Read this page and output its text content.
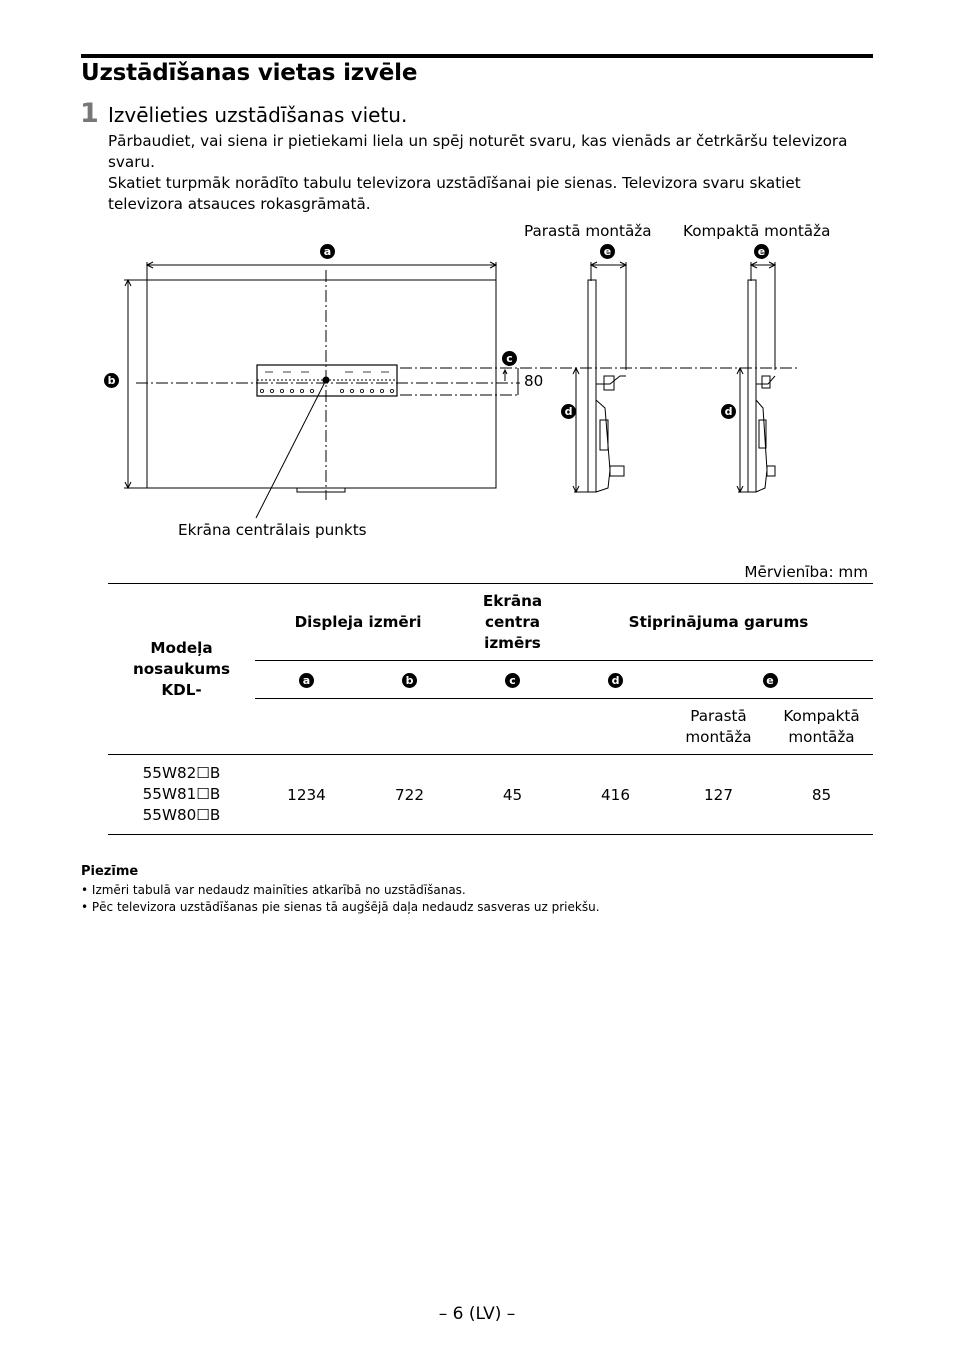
Uzstādīšanas vietas izvēle
1 Izvēlieties uzstādīšanas vietu.
Pārbaudiet, vai siena ir pietiekami liela un spēj noturēt svaru, kas vienāds ar četrkāršu televizora svaru.
Skatiet turpmāk norādīto tabulu televizora uzstādīšanai pie sienas. Televizora svaru skatiet televizora atsauces rokasgrāmatā.
Parastā montāža Kompaktā montāža
Ekrāna centrālais punkts
80
a
b
c
d	d
e	e
Mērvienība: mm
Modeļa nosaukums KDL-	Displeja izmēri		Ekrāna centra izmērs	Stiprinājuma garums		
	a	b	c	d	e	

					Parastā montāža	Kompaktā montāža

55W82☐B
55W81☐B
55W80☐B	1234	722	45	416	127	85
Piezīme
• Izmēri tabulā var nedaudz mainīties atkarībā no uzstādīšanas.
• Pēc televizora uzstādīšanas pie sienas tā augšējā daļa nedaudz sasveras uz priekšu.
– 6 (LV) –
